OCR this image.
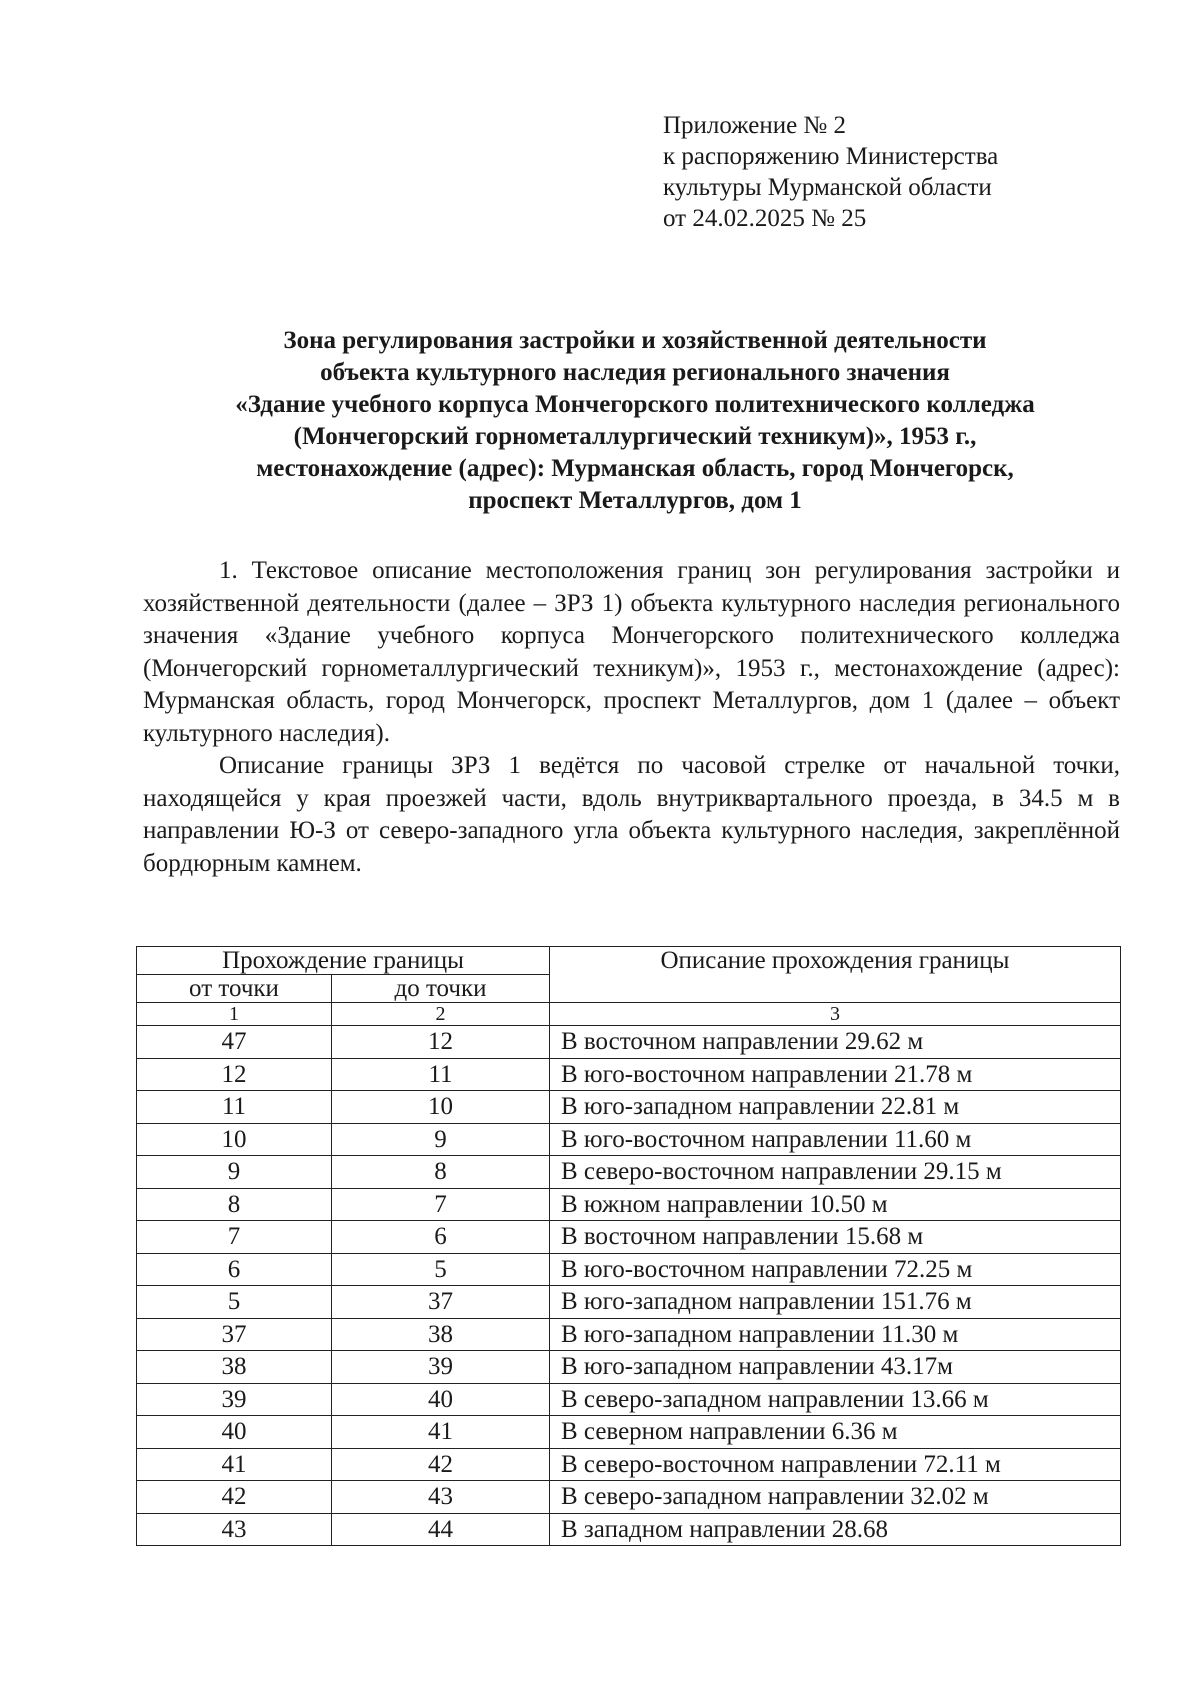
Приложение № 2
к распоряжению Министерства
культуры Мурманской области
от 24.02.2025 № 25
Зона регулирования застройки и хозяйственной деятельности
объекта культурного наследия регионального значения
«Здание учебного корпуса Мончегорского политехнического колледжа
(Мончегорский горнометаллургический техникум)», 1953 г.,
местонахождение (адрес): Мурманская область, город Мончегорск,
проспект Металлургов, дом 1

1. Текстовое описание местоположения границ зон регулирования застройки и хозяйственной деятельности (далее – ЗРЗ 1) объекта культурного наследия регионального значения «Здание учебного корпуса Мончегорского политехнического колледжа (Мончегорский горнометаллургический техникум)», 1953 г., местонахождение (адрес): Мурманская область, город Мончегорск, проспект Металлургов, дом 1 (далее – объект культурного наследия).

Описание границы ЗРЗ 1 ведётся по часовой стрелке от начальной точки, находящейся у края проезжей части, вдоль внутриквартального проезда, в 34.5 м в направлении Ю-З от северо-западного угла объекта культурного наследия, закреплённой бордюрным камнем.

Прохождение границы		Описание прохождения границы
от точки	до точки	
1	2	3
47	12	В восточном направлении 29.62 м
12	11	В юго-восточном направлении 21.78 м
11	10	В юго-западном направлении 22.81 м
10	9	В юго-восточном направлении 11.60 м
9	8	В северо-восточном направлении 29.15 м
8	7	В южном направлении 10.50 м
7	6	В восточном направлении 15.68 м
6	5	В юго-восточном направлении 72.25 м
5	37	В юго-западном направлении 151.76 м
37	38	В юго-западном направлении 11.30 м
38	39	В юго-западном направлении 43.17м
39	40	В северо-западном направлении 13.66 м
40	41	В северном направлении 6.36 м
41	42	В северо-восточном направлении 72.11 м
42	43	В северо-западном направлении 32.02 м
43	44	В западном направлении 28.68
